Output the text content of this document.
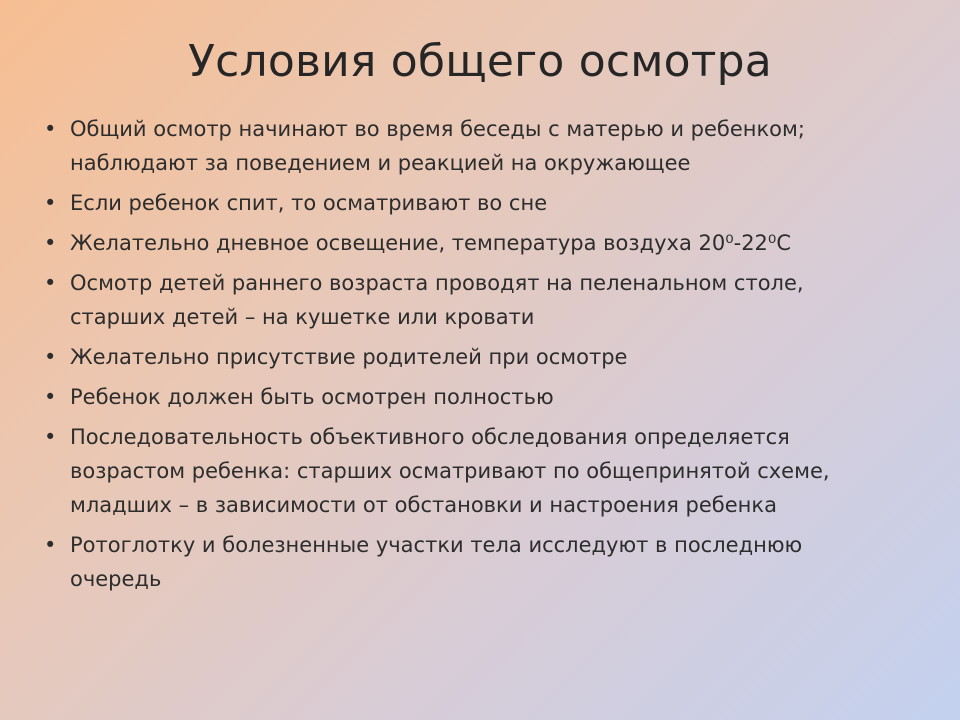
Условия общего осмотра
• Общий осмотр начинают во время беседы с матерью и ребенком; наблюдают за поведением и реакцией на окружающее
• Если ребенок спит, то осматривают во сне
• Желательно дневное освещение, температура воздуха 20⁰-22⁰С
• Осмотр детей раннего возраста проводят на пеленальном столе, старших детей – на кушетке или кровати
• Желательно присутствие родителей при осмотре
• Ребенок должен быть осмотрен полностью
• Последовательность объективного обследования определяется возрастом ребенка: старших осматривают по общепринятой схеме, младших – в зависимости от обстановки и настроения ребенка
• Ротоглотку и болезненные участки тела исследуют в последнюю очередь
